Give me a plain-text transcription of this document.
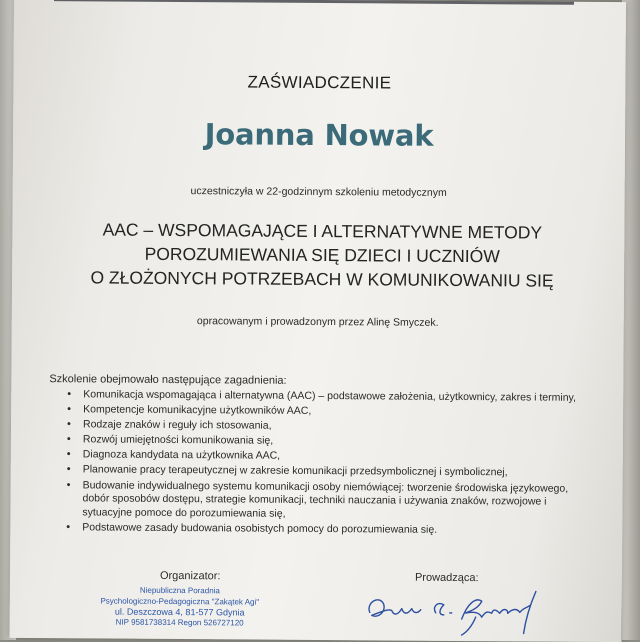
ZAŚWIADCZENIE
Joanna Nowak
uczestniczyła w 22-godzinnym szkoleniu metodycznym
AAC – WSPOMAGAJĄCE I ALTERNATYWNE METODY
POROZUMIEWANIA SIĘ DZIECI I UCZNIÓW
O ZŁOŻONYCH POTRZEBACH W KOMUNIKOWANIU SIĘ
opracowanym i prowadzonym przez Alinę Smyczek.
Szkolenie obejmowało następujące zagadnienia:
• Komunikacja wspomagająca i alternatywna (AAC) – podstawowe założenia, użytkownicy, zakres i terminy,
• Kompetencje komunikacyjne użytkowników AAC,
• Rodzaje znaków i reguły ich stosowania,
• Rozwój umiejętności komunikowania się,
• Diagnoza kandydata na użytkownika AAC,
• Planowanie pracy terapeutycznej w zakresie komunikacji przedsymbolicznej i symbolicznej,
• Budowanie indywidualnego systemu komunikacji osoby niemówiącej: tworzenie środowiska językowego, dobór sposobów dostępu, strategie komunikacji, techniki nauczania i używania znaków, rozwojowe i sytuacyjne pomoce do porozumiewania się,
• Podstawowe zasady budowania osobistych pomocy do porozumiewania się.
Organizator:
Niepubliczna Poradnia
Psychologiczno-Pedagogiczna "Zakątek Agi"
ul. Deszczowa 4, 81-577 Gdynia
NIP 9581738314 Regon 526727120
Prowadząca:
